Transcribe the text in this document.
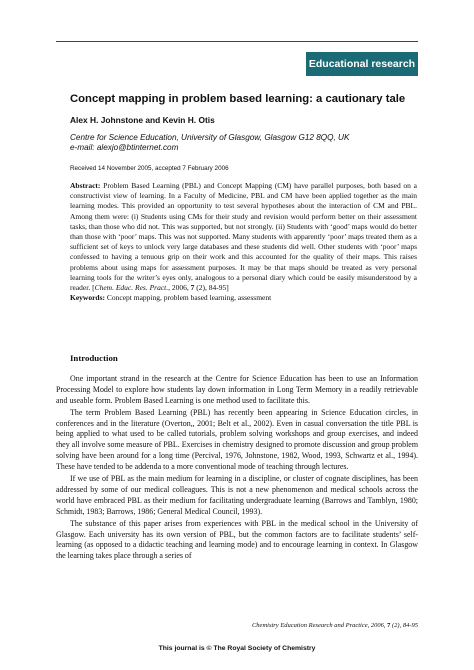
Educational research
Concept mapping in problem based learning: a cautionary tale
Alex H. Johnstone and Kevin H. Otis
Centre for Science Education, University of Glasgow, Glasgow G12 8QQ, UK
e-mail: alexjo@btinternet.com
Received 14 November 2005, accepted 7 February 2006
Abstract: Problem Based Learning (PBL) and Concept Mapping (CM) have parallel purposes, both based on a constructivist view of learning. In a Faculty of Medicine, PBL and CM have been applied together as the main learning modes. This provided an opportunity to test several hypotheses about the interaction of CM and PBL. Among them were: (i) Students using CMs for their study and revision would perform better on their assessment tasks, than those who did not. This was supported, but not strongly. (ii) Students with ‘good’ maps would do better than those with ‘poor’ maps. This was not supported. Many students with apparently ‘poor’ maps treated them as a sufficient set of keys to unlock very large databases and these students did well. Other students with ‘poor’ maps confessed to having a tenuous grip on their work and this accounted for the quality of their maps. This raises problems about using maps for assessment purposes. It may be that maps should be treated as very personal learning tools for the writer’s eyes only, analogous to a personal diary which could be easily misunderstood by a reader. [Chem. Educ. Res. Pract., 2006, 7 (2), 84-95]
Keywords: Concept mapping, problem based learning, assessment
Introduction

One important strand in the research at the Centre for Science Education has been to use an Information Processing Model to explore how students lay down information in Long Term Memory in a readily retrievable and useable form. Problem Based Learning is one method used to facilitate this.

The term Problem Based Learning (PBL) has recently been appearing in Science Education circles, in conferences and in the literature (Overton,, 2001; Belt et al., 2002). Even in casual conversation the title PBL is being applied to what used to be called tutorials, problem solving workshops and group exercises, and indeed they all involve some measure of PBL. Exercises in chemistry designed to promote discussion and group problem solving have been around for a long time (Percival, 1976, Johnstone, 1982, Wood, 1993, Schwartz et al., 1994). These have tended to be addenda to a more conventional mode of teaching through lectures.

If we use of PBL as the main medium for learning in a discipline, or cluster of cognate disciplines, has been addressed by some of our medical colleagues. This is not a new phenomenon and medical schools across the world have embraced PBL as their medium for facilitating undergraduate learning (Barrows and Tamblyn, 1980; Schmidt, 1983; Barrows, 1986; General Medical Council, 1993).

The substance of this paper arises from experiences with PBL in the medical school in the University of Glasgow. Each university has its own version of PBL, but the common factors are to facilitate students’ self-learning (as opposed to a didactic teaching and learning mode) and to encourage learning in context. In Glasgow the learning takes place through a series of

Chemistry Education Research and Practice, 2006, 7 (2), 84-95
This journal is © The Royal Society of Chemistry
